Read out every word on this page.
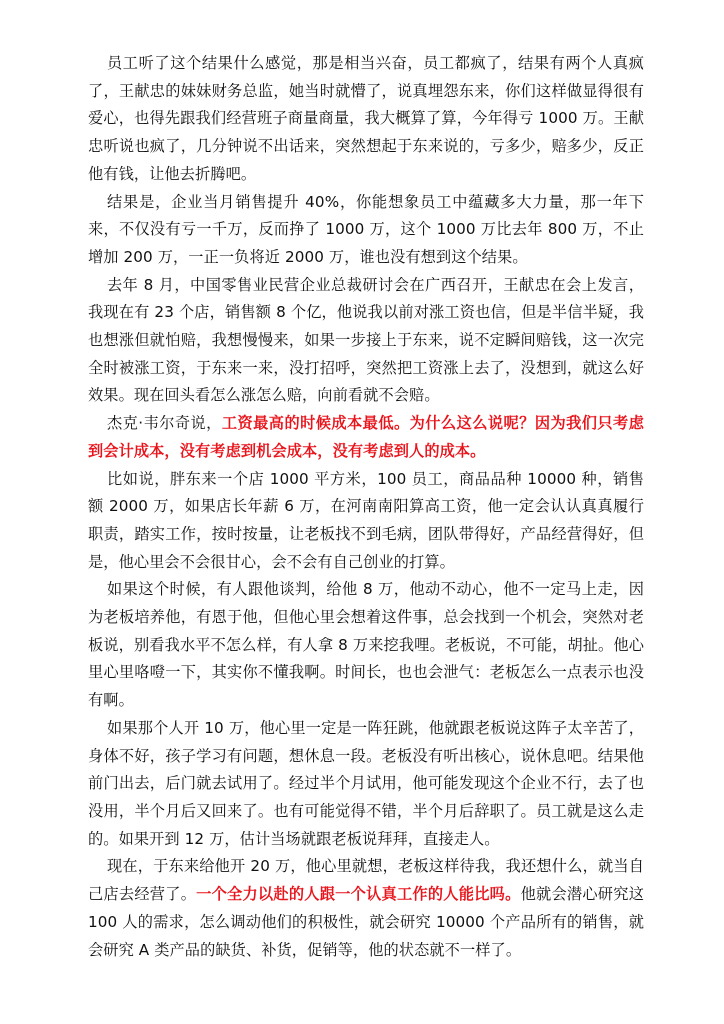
员工听了这个结果什么感觉，那是相当兴奋，员工都疯了，结果有两个人真疯了，王献忠的妹妹财务总监，她当时就懵了，说真埋怨东来，你们这样做显得很有爱心，也得先跟我们经营班子商量商量，我大概算了算，今年得亏 1000 万。王献忠听说也疯了，几分钟说不出话来，突然想起于东来说的，亏多少，赔多少，反正他有钱，让他去折腾吧。

结果是，企业当月销售提升 40%，你能想象员工中蕴藏多大力量，那一年下来，不仅没有亏一千万，反而挣了 1000 万，这个 1000 万比去年 800 万，不止增加 200 万，一正一负将近 2000 万，谁也没有想到这个结果。

去年 8 月，中国零售业民营企业总裁研讨会在广西召开，王献忠在会上发言，我现在有 23 个店，销售额 8 个亿，他说我以前对涨工资也信，但是半信半疑，我也想涨但就怕赔，我想慢慢来，如果一步接上于东来，说不定瞬间赔钱，这一次完全时被涨工资，于东来一来，没打招呼，突然把工资涨上去了，没想到，就这么好效果。现在回头看怎么涨怎么赔，向前看就不会赔。

杰克·韦尔奇说，工资最高的时候成本最低。为什么这么说呢？因为我们只考虑到会计成本，没有考虑到机会成本，没有考虑到人的成本。

比如说，胖东来一个店 1000 平方米，100 员工，商品品种 10000 种，销售额 2000 万，如果店长年薪 6 万，在河南南阳算高工资，他一定会认认真真履行职责，踏实工作，按时按量，让老板找不到毛病，团队带得好，产品经营得好，但是，他心里会不会很甘心，会不会有自己创业的打算。

如果这个时候，有人跟他谈判，给他 8 万，他动不动心，他不一定马上走，因为老板培养他，有恩于他，但他心里会想着这件事，总会找到一个机会，突然对老板说，别看我水平不怎么样，有人拿 8 万来挖我哩。老板说，不可能，胡扯。他心里心里咯噔一下，其实你不懂我啊。时间长，也也会泄气：老板怎么一点表示也没有啊。

如果那个人开 10 万，他心里一定是一阵狂跳，他就跟老板说这阵子太辛苦了，身体不好，孩子学习有问题，想休息一段。老板没有听出核心，说休息吧。结果他前门出去，后门就去试用了。经过半个月试用，他可能发现这个企业不行，去了也没用，半个月后又回来了。也有可能觉得不错，半个月后辞职了。员工就是这么走的。如果开到 12 万，估计当场就跟老板说拜拜，直接走人。

现在，于东来给他开 20 万，他心里就想，老板这样待我，我还想什么，就当自己店去经营了。一个全力以赴的人跟一个认真工作的人能比吗。他就会潜心研究这 100 人的需求，怎么调动他们的积极性，就会研究 10000 个产品所有的销售，就会研究 A 类产品的缺货、补货，促销等，他的状态就不一样了。
